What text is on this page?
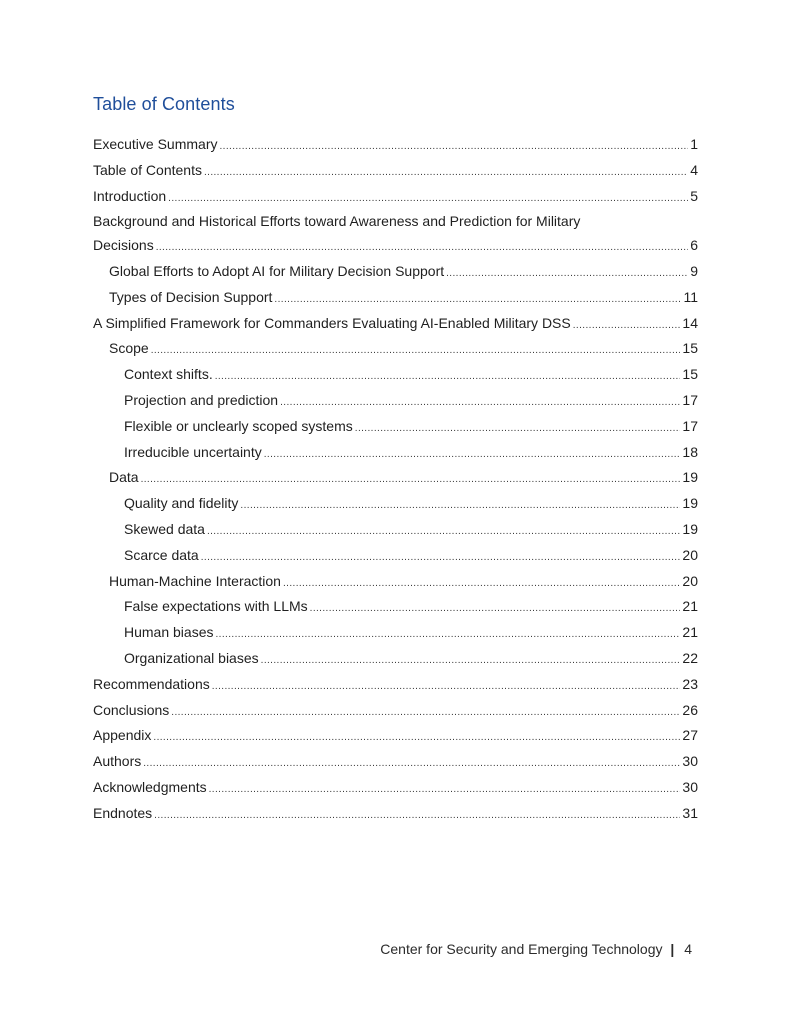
Table of Contents
Executive Summary .....	1
Table of Contents .....	4
Introduction .....	5
Background and Historical Efforts toward Awareness and Prediction for Military
Decisions .....	6
Global Efforts to Adopt AI for Military Decision Support .....	9
Types of Decision Support .....	11
A Simplified Framework for Commanders Evaluating AI-Enabled Military DSS .....	14
Scope .....	15
Context shifts. .....	15
Projection and prediction .....	17
Flexible or unclearly scoped systems .....	17
Irreducible uncertainty .....	18
Data .....	19
Quality and fidelity .....	19
Skewed data .....	19
Scarce data .....	20
Human-Machine Interaction .....	20
False expectations with LLMs .....	21
Human biases .....	21
Organizational biases .....	22
Recommendations .....	23
Conclusions .....	26
Appendix .....	27
Authors .....	30
Acknowledgments .....	30
Endnotes .....	31
Center for Security and Emerging Technology | 4
